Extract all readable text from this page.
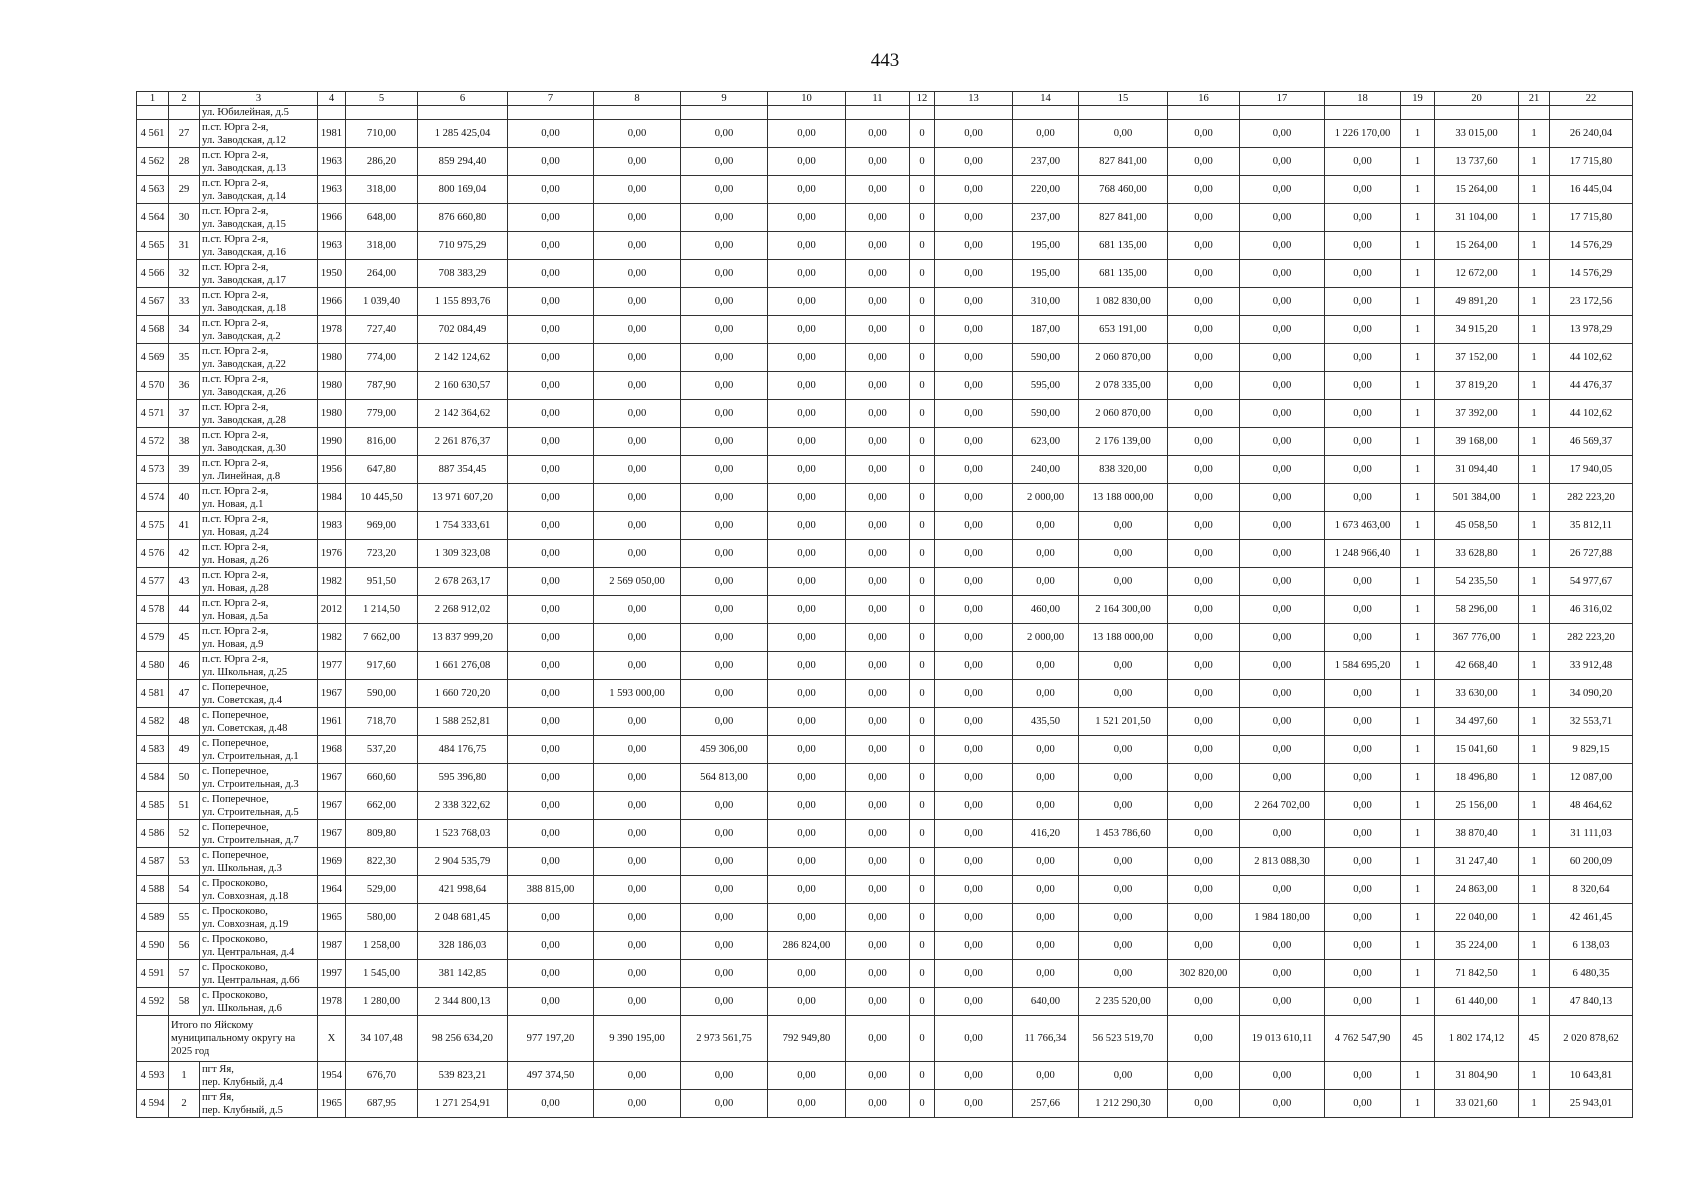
443
1	2	3	4	5	6	7	8	9	10	11	12	13	14	15	16	17	18	19	20	21	22
		ул. Юбилейная, д.5																			
4 561	27	п.ст. Юрга 2-я,
ул. Заводская, д.12	1981	710,00	1 285 425,04	0,00	0,00	0,00	0,00	0,00	0	0,00	0,00	0,00	0,00	0,00	1 226 170,00	1	33 015,00	1	26 240,04
4 562	28	п.ст. Юрга 2-я,
ул. Заводская, д.13	1963	286,20	859 294,40	0,00	0,00	0,00	0,00	0,00	0	0,00	237,00	827 841,00	0,00	0,00	0,00	1	13 737,60	1	17 715,80
4 563	29	п.ст. Юрга 2-я,
ул. Заводская, д.14	1963	318,00	800 169,04	0,00	0,00	0,00	0,00	0,00	0	0,00	220,00	768 460,00	0,00	0,00	0,00	1	15 264,00	1	16 445,04
4 564	30	п.ст. Юрга 2-я,
ул. Заводская, д.15	1966	648,00	876 660,80	0,00	0,00	0,00	0,00	0,00	0	0,00	237,00	827 841,00	0,00	0,00	0,00	1	31 104,00	1	17 715,80
4 565	31	п.ст. Юрга 2-я,
ул. Заводская, д.16	1963	318,00	710 975,29	0,00	0,00	0,00	0,00	0,00	0	0,00	195,00	681 135,00	0,00	0,00	0,00	1	15 264,00	1	14 576,29
4 566	32	п.ст. Юрга 2-я,
ул. Заводская, д.17	1950	264,00	708 383,29	0,00	0,00	0,00	0,00	0,00	0	0,00	195,00	681 135,00	0,00	0,00	0,00	1	12 672,00	1	14 576,29
4 567	33	п.ст. Юрга 2-я,
ул. Заводская, д.18	1966	1 039,40	1 155 893,76	0,00	0,00	0,00	0,00	0,00	0	0,00	310,00	1 082 830,00	0,00	0,00	0,00	1	49 891,20	1	23 172,56
4 568	34	п.ст. Юрга 2-я,
ул. Заводская, д.2	1978	727,40	702 084,49	0,00	0,00	0,00	0,00	0,00	0	0,00	187,00	653 191,00	0,00	0,00	0,00	1	34 915,20	1	13 978,29
4 569	35	п.ст. Юрга 2-я,
ул. Заводская, д.22	1980	774,00	2 142 124,62	0,00	0,00	0,00	0,00	0,00	0	0,00	590,00	2 060 870,00	0,00	0,00	0,00	1	37 152,00	1	44 102,62
4 570	36	п.ст. Юрга 2-я,
ул. Заводская, д.26	1980	787,90	2 160 630,57	0,00	0,00	0,00	0,00	0,00	0	0,00	595,00	2 078 335,00	0,00	0,00	0,00	1	37 819,20	1	44 476,37
4 571	37	п.ст. Юрга 2-я,
ул. Заводская, д.28	1980	779,00	2 142 364,62	0,00	0,00	0,00	0,00	0,00	0	0,00	590,00	2 060 870,00	0,00	0,00	0,00	1	37 392,00	1	44 102,62
4 572	38	п.ст. Юрга 2-я,
ул. Заводская, д.30	1990	816,00	2 261 876,37	0,00	0,00	0,00	0,00	0,00	0	0,00	623,00	2 176 139,00	0,00	0,00	0,00	1	39 168,00	1	46 569,37
4 573	39	п.ст. Юрга 2-я,
ул. Линейная, д.8	1956	647,80	887 354,45	0,00	0,00	0,00	0,00	0,00	0	0,00	240,00	838 320,00	0,00	0,00	0,00	1	31 094,40	1	17 940,05
4 574	40	п.ст. Юрга 2-я,
ул. Новая, д.1	1984	10 445,50	13 971 607,20	0,00	0,00	0,00	0,00	0,00	0	0,00	2 000,00	13 188 000,00	0,00	0,00	0,00	1	501 384,00	1	282 223,20
4 575	41	п.ст. Юрга 2-я,
ул. Новая, д.24	1983	969,00	1 754 333,61	0,00	0,00	0,00	0,00	0,00	0	0,00	0,00	0,00	0,00	0,00	1 673 463,00	1	45 058,50	1	35 812,11
4 576	42	п.ст. Юрга 2-я,
ул. Новая, д.26	1976	723,20	1 309 323,08	0,00	0,00	0,00	0,00	0,00	0	0,00	0,00	0,00	0,00	0,00	1 248 966,40	1	33 628,80	1	26 727,88
4 577	43	п.ст. Юрга 2-я,
ул. Новая, д.28	1982	951,50	2 678 263,17	0,00	2 569 050,00	0,00	0,00	0,00	0	0,00	0,00	0,00	0,00	0,00	0,00	1	54 235,50	1	54 977,67
4 578	44	п.ст. Юрга 2-я,
ул. Новая, д.5а	2012	1 214,50	2 268 912,02	0,00	0,00	0,00	0,00	0,00	0	0,00	460,00	2 164 300,00	0,00	0,00	0,00	1	58 296,00	1	46 316,02
4 579	45	п.ст. Юрга 2-я,
ул. Новая, д.9	1982	7 662,00	13 837 999,20	0,00	0,00	0,00	0,00	0,00	0	0,00	2 000,00	13 188 000,00	0,00	0,00	0,00	1	367 776,00	1	282 223,20
4 580	46	п.ст. Юрга 2-я,
ул. Школьная, д.25	1977	917,60	1 661 276,08	0,00	0,00	0,00	0,00	0,00	0	0,00	0,00	0,00	0,00	0,00	1 584 695,20	1	42 668,40	1	33 912,48
4 581	47	с. Поперечное,
ул. Советская, д.4	1967	590,00	1 660 720,20	0,00	1 593 000,00	0,00	0,00	0,00	0	0,00	0,00	0,00	0,00	0,00	0,00	1	33 630,00	1	34 090,20
4 582	48	с. Поперечное,
ул. Советская, д.48	1961	718,70	1 588 252,81	0,00	0,00	0,00	0,00	0,00	0	0,00	435,50	1 521 201,50	0,00	0,00	0,00	1	34 497,60	1	32 553,71
4 583	49	с. Поперечное,
ул. Строительная, д.1	1968	537,20	484 176,75	0,00	0,00	459 306,00	0,00	0,00	0	0,00	0,00	0,00	0,00	0,00	0,00	1	15 041,60	1	9 829,15
4 584	50	с. Поперечное,
ул. Строительная, д.3	1967	660,60	595 396,80	0,00	0,00	564 813,00	0,00	0,00	0	0,00	0,00	0,00	0,00	0,00	0,00	1	18 496,80	1	12 087,00
4 585	51	с. Поперечное,
ул. Строительная, д.5	1967	662,00	2 338 322,62	0,00	0,00	0,00	0,00	0,00	0	0,00	0,00	0,00	0,00	2 264 702,00	0,00	1	25 156,00	1	48 464,62
4 586	52	с. Поперечное,
ул. Строительная, д.7	1967	809,80	1 523 768,03	0,00	0,00	0,00	0,00	0,00	0	0,00	416,20	1 453 786,60	0,00	0,00	0,00	1	38 870,40	1	31 111,03
4 587	53	с. Поперечное,
ул. Школьная, д.3	1969	822,30	2 904 535,79	0,00	0,00	0,00	0,00	0,00	0	0,00	0,00	0,00	0,00	2 813 088,30	0,00	1	31 247,40	1	60 200,09
4 588	54	с. Проскоково,
ул. Совхозная, д.18	1964	529,00	421 998,64	388 815,00	0,00	0,00	0,00	0,00	0	0,00	0,00	0,00	0,00	0,00	0,00	1	24 863,00	1	8 320,64
4 589	55	с. Проскоково,
ул. Совхозная, д.19	1965	580,00	2 048 681,45	0,00	0,00	0,00	0,00	0,00	0	0,00	0,00	0,00	0,00	1 984 180,00	0,00	1	22 040,00	1	42 461,45
4 590	56	с. Проскоково,
ул. Центральная, д.4	1987	1 258,00	328 186,03	0,00	0,00	0,00	286 824,00	0,00	0	0,00	0,00	0,00	0,00	0,00	0,00	1	35 224,00	1	6 138,03
4 591	57	с. Проскоково,
ул. Центральная, д.66	1997	1 545,00	381 142,85	0,00	0,00	0,00	0,00	0,00	0	0,00	0,00	0,00	302 820,00	0,00	0,00	1	71 842,50	1	6 480,35
4 592	58	с. Проскоково,
ул. Школьная, д.6	1978	1 280,00	2 344 800,13	0,00	0,00	0,00	0,00	0,00	0	0,00	640,00	2 235 520,00	0,00	0,00	0,00	1	61 440,00	1	47 840,13
	Итого по Яйскому муниципальному округу на 2025 год		X	34 107,48	98 256 634,20	977 197,20	9 390 195,00	2 973 561,75	792 949,80	0,00	0	0,00	11 766,34	56 523 519,70	0,00	19 013 610,11	4 762 547,90	45	1 802 174,12	45	2 020 878,62
4 593	1	пгт Яя,
пер. Клубный, д.4	1954	676,70	539 823,21	497 374,50	0,00	0,00	0,00	0,00	0	0,00	0,00	0,00	0,00	0,00	0,00	1	31 804,90	1	10 643,81
4 594	2	пгт Яя,
пер. Клубный, д.5	1965	687,95	1 271 254,91	0,00	0,00	0,00	0,00	0,00	0	0,00	257,66	1 212 290,30	0,00	0,00	0,00	1	33 021,60	1	25 943,01
